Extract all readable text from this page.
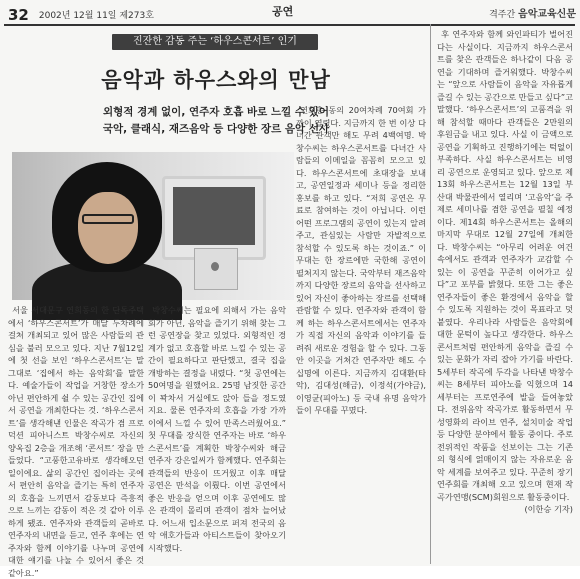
32 2002년 12월 11일 제273호	공연	격주간 음악교육신문
진잔한 감동 주는 ‘하우스콘서트’ 인기
음악과 하우스와의 만남
외형적 경계 없이, 연주자 호흡 바로 느낄 수 있어
국악, 클래식, 재즈음악 등 다양한 장르 음악 선사

서울 서대문구 연희동의 한 단독주택에서 ‘하우스콘서트’가 매달 두차례에 걸쳐 개최되고 있어 많은 사람들의 관심을 불러 모으고 있다. 지난 7월12일에 첫 선을 보인 ‘하우스콘서트’는 말그대로 ‘집에서 하는 음악회’를 말한다. 예술가들이 작업을 거창한 장소가 아닌 편안하게 쉴 수 있는 공간인 집에서 공연을 개최한다는 것. ‘하우스콘서트’를 생각해낸 인물은 작곡가 겸 프로덕션 피아니스트 박창수씨로 자신의 양옥집 2층을 개조해 ‘콘서트’ 장을 만들었다. “고풍한고유바로 생각해오던 일이에요. 삶의 공간인 집이라는 곳에서 편안히 음악을 즐기는 특히 연주자의 호흡을 느끼면서 감동보다 즉흥적으로 느끼는 감동이 적은 것 같아 이루하게 됐죠. 연주자와 관객들의 곧바로 연주자의 내면을 듣고, 연주 후에는 연주자와 함께 이야기를 나누며 공연에 대한 얘기를 나눌 수 있어서 좋은 것 같아요.”

박창수씨는 필요에 의해서 가는 음악회가 아닌, 음악을 즐기기 위해 찾는 그런 공연장을 찾고 있었다. 외형적인 경계가 없고 호흡할 바로 느낄 수 있는 공간이 필요하다고 판단했고, 결국 집을 개방하는 결정을 내렸다. “첫 공연에는 50여명을 원했어요. 25명 남짓한 공간이 꽉차서 거실에도 앉아 들을 정도였지요. 물론 연주자의 호흡을 가장 가까이에서 느낄 수 있어 만족스러웠어요.” 첫 무대를 장식한 연주자는 바로 ‘하우스콘서트’를 계획한 박창수씨와 해금 연주자 강은일씨가 함께했다. 연주회는 관객들의 반응이 뜨거웠고 이후 매달 공연은 만석을 이뤘다. 이번 공연에서 좋은 반응을 얻으며 이후 공연에도 많은 관객이 몰리며 관객이 점차 늘어났다. 어느새 입소문으로 퍼져 전국의 음악 애호가들과 아티스트들이 찾아오기 시작했다.

연희총 동의 20여차례 70여회 가까이 열렸다. 지금까지 한 번 이상 다녀간 관객만 해도 무려 4백여명. 박창수씨는 하우스콘서트를 다녀간 사람들의 이메일을 꼼꼼히 모으고 있다. 하우스콘서트에 초대장을 보내고, 공연일정과 세미나 등을 정리한 홍보를 하고 있다. “저희 공연은 무료로 참여하는 것이 아닙니다. 이런 어떤 프로그램의 공연이 있는지 알려주고, 관심있는 사람만 자발적으로 참석할 수 있도록 하는 것이죠.” 이 무대는 한 장르에만 국한해 공연이 펼쳐지지 않는다. 국악부터 재즈음악 까지 다양한 장르의 음악을 선사하고 있어 자신이 좋아하는 장르를 선택해 관람할 수 있다. 연주자와 관객이 함께 하는 하우스콘서트에서는 연주자가 직접 자신의 음악과 이야기를 들려줘 새로운 경험을 할 수 있다. 그동안 이곳을 거쳐간 연주자만 해도 수십명에 이른다. 지금까지 김대환(타악), 김대성(해금), 이정석(가야금), 이영균(피아노) 등 국내 유명 음악가들이 무대를 꾸몄다.

후 연주자와 함께 와인파티가 벌어진다는 사실이다. 지금까지 하우스콘서트를 찾은 관객들은 하나같이 다음 공연을 기대하며 즐거워했다. 박창수씨는 “앞으로 사람들이 음악을 자유롭게 즐길 수 있는 공간으로 만들고 싶다”고 말했다. ‘하우스콘서트’의 고품격을 위해 참석할 때마다 관객들은 2만원의 후원금을 내고 있다. 사실 이 금액으로 공연을 기획하고 진행하기에는 턱없이 부족하다. 사실 하우스콘서트는 비영리 공연으로 운영되고 있다. 앞으로 제13회 하우스콘서트는 12월 13일 부산대 박물관에서 열리며 ‘고음악’을 주제로 세미나를 겸한 공연을 펼칠 예정이다. 제14회 하우스콘서트는 올해의 마지막 무대로 12월 27일에 개최한다. 박창수씨는 “아무리 어려운 여건 속에서도 관객과 연주자가 교감할 수 있는 이 공연을 꾸준히 이어가고 싶다”고 포부를 밝혔다. 또한 그는 좋은 연주자들이 좋은 환경에서 음악을 할 수 있도록 지원하는 것이 목표라고 덧붙였다. 우리나라 사람들은 음악회에 대한 문턱이 높다고 생각한다. 하우스콘서트처럼 편안하게 음악을 즐길 수 있는 문화가 자리 잡아 가기를 바란다. 5세부터 작곡에 두각을 나타낸 박창수씨는 8세부터 피아노를 익혔으며 14세부터는 프로연주에 발을 들여놓았다. 전위음악 작곡가로 활동하면서 무성영화의 라이브 연주, 설치미술 작업 등 다양한 분야에서 활동 중이다. 주로 전위적인 작품을 선보이는 그는 기존의 형식에 얽매이지 않는 자유로운 음악 세계를 보여주고 있다. 꾸준히 장기연주회를 개최해 오고 있으며 현재 작곡가연맹(SCM)회원으로 활동중이다.

(이한승 기자)
